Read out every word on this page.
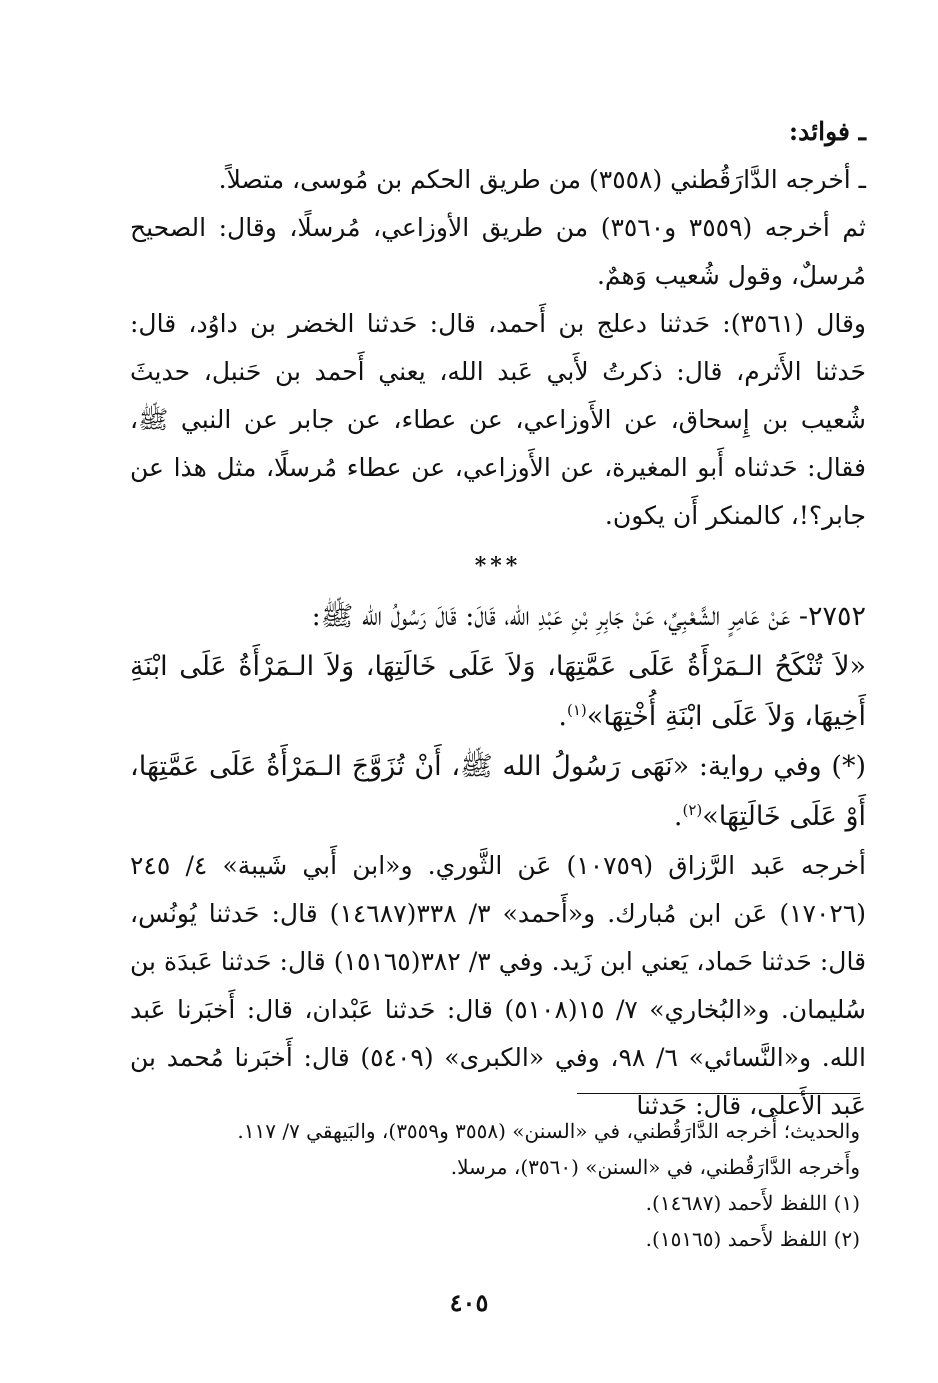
ـ فوائد:

ـ أخرجه الدَّارَقُطني (٣٥٥٨) من طريق الحكم بن مُوسى، متصلاً.

ثم أخرجه (٣٥٥٩ و٣٥٦٠) من طريق الأوزاعي، مُرسلًا، وقال: الصحيح مُرسلٌ، وقول شُعيب وَهمٌ.

وقال (٣٥٦١): حَدثنا دعلج بن أَحمد، قال: حَدثنا الخضر بن داوُد، قال: حَدثنا الأَثرم، قال: ذكرتُ لأَبي عَبد الله، يعني أَحمد بن حَنبل، حديثَ شُعيب بن إِسحاق، عن الأَوزاعي، عن عطاء، عن جابر عن النبي ﷺ، فقال: حَدثناه أَبو المغيرة، عن الأَوزاعي، عن عطاء مُرسلًا، مثل هذا عن جابر؟!، كالمنكر أَن يكون.

***

٢٧٥٢- عَنْ عَامِرٍ الشَّعْبِيِّ، عَنْ جَابِرِ بْنِ عَبْدِ الله، قَالَ: قَالَ رَسُولُ الله ﷺ:

«لاَ تُنْكَحُ الـمَرْأَةُ عَلَى عَمَّتِهَا، وَلاَ عَلَى خَالَتِهَا، وَلاَ الـمَرْأَةُ عَلَى ابْنَةِ أَخِيهَا، وَلاَ عَلَى ابْنَةِ أُخْتِهَا»$^{(١)}$.

(*) وفي رواية: «نَهَى رَسُولُ الله ﷺ، أَنْ تُزَوَّجَ الـمَرْأَةُ عَلَى عَمَّتِهَا، أَوْ عَلَى خَالَتِهَا»$^{(٢)}$.

أخرجه عَبد الرَّزاق (١٠٧٥٩) عَن الثَّوري. و«ابن أَبي شَيبة» ٤/ ٢٤٥ (١٧٠٢٦) عَن ابن مُبارك. و«أَحمد» ٣/ ٣٣٨(١٤٦٨٧) قال: حَدثنا يُونُس، قال: حَدثنا حَماد، يَعني ابن زَيد. وفي ٣/ ٣٨٢(١٥١٦٥) قال: حَدثنا عَبدَة بن سُليمان. و«البُخاري» ٧/ ١٥(٥١٠٨) قال: حَدثنا عَبْدان، قال: أَخبَرنا عَبد الله. و«النَّسائي» ٦/ ٩٨، وفي «الكبرى» (٥٤٠٩) قال: أَخبَرنا مُحمد بن عَبد الأَعلى، قال: حَدثنا

والحديث؛ أَخرجه الدَّارَقُطني، في «السنن» (٣٥٥٨ و٣٥٥٩)، والبَيهقي ٧/ ١١٧.

وأَخرجه الدَّارَقُطني، في «السنن» (٣٥٦٠)، مرسلا.

(١) اللفظ لأَحمد (١٤٦٨٧).

(٢) اللفظ لأَحمد (١٥١٦٥).

٤٠٥
